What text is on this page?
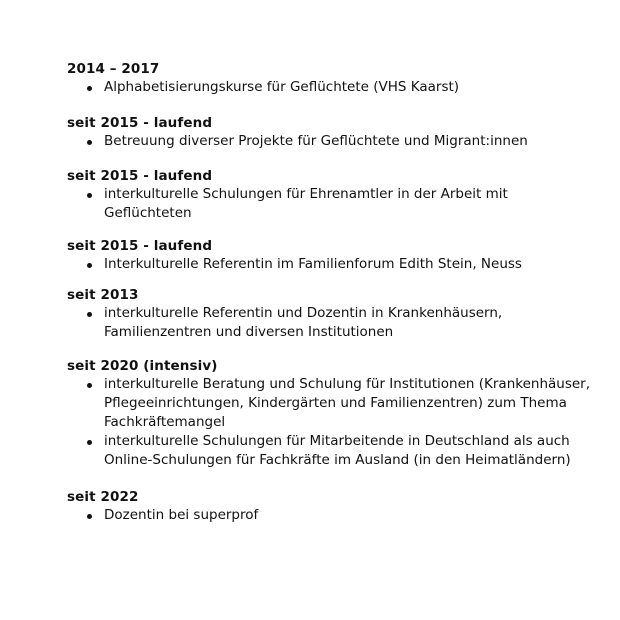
2014 – 2017

Alphabetisierungskurse für Geflüchtete (VHS Kaarst)

seit 2015 - laufend

Betreuung diverser Projekte für Geflüchtete und Migrant:innen

seit 2015 - laufend

interkulturelle Schulungen für Ehrenamtler in der Arbeit mit Geflüchteten

seit 2015 - laufend

Interkulturelle Referentin im Familienforum Edith Stein, Neuss

seit 2013

interkulturelle Referentin und Dozentin in Krankenhäusern, Familienzentren und diversen Institutionen

seit 2020 (intensiv)

interkulturelle Beratung und Schulung für Institutionen (Krankenhäuser, Pflegeeinrichtungen, Kindergärten und Familienzentren) zum Thema Fachkräftemangel
interkulturelle Schulungen für Mitarbeitende in Deutschland als auch Online-Schulungen für Fachkräfte im Ausland (in den Heimatländern)

seit 2022

Dozentin bei superprof
